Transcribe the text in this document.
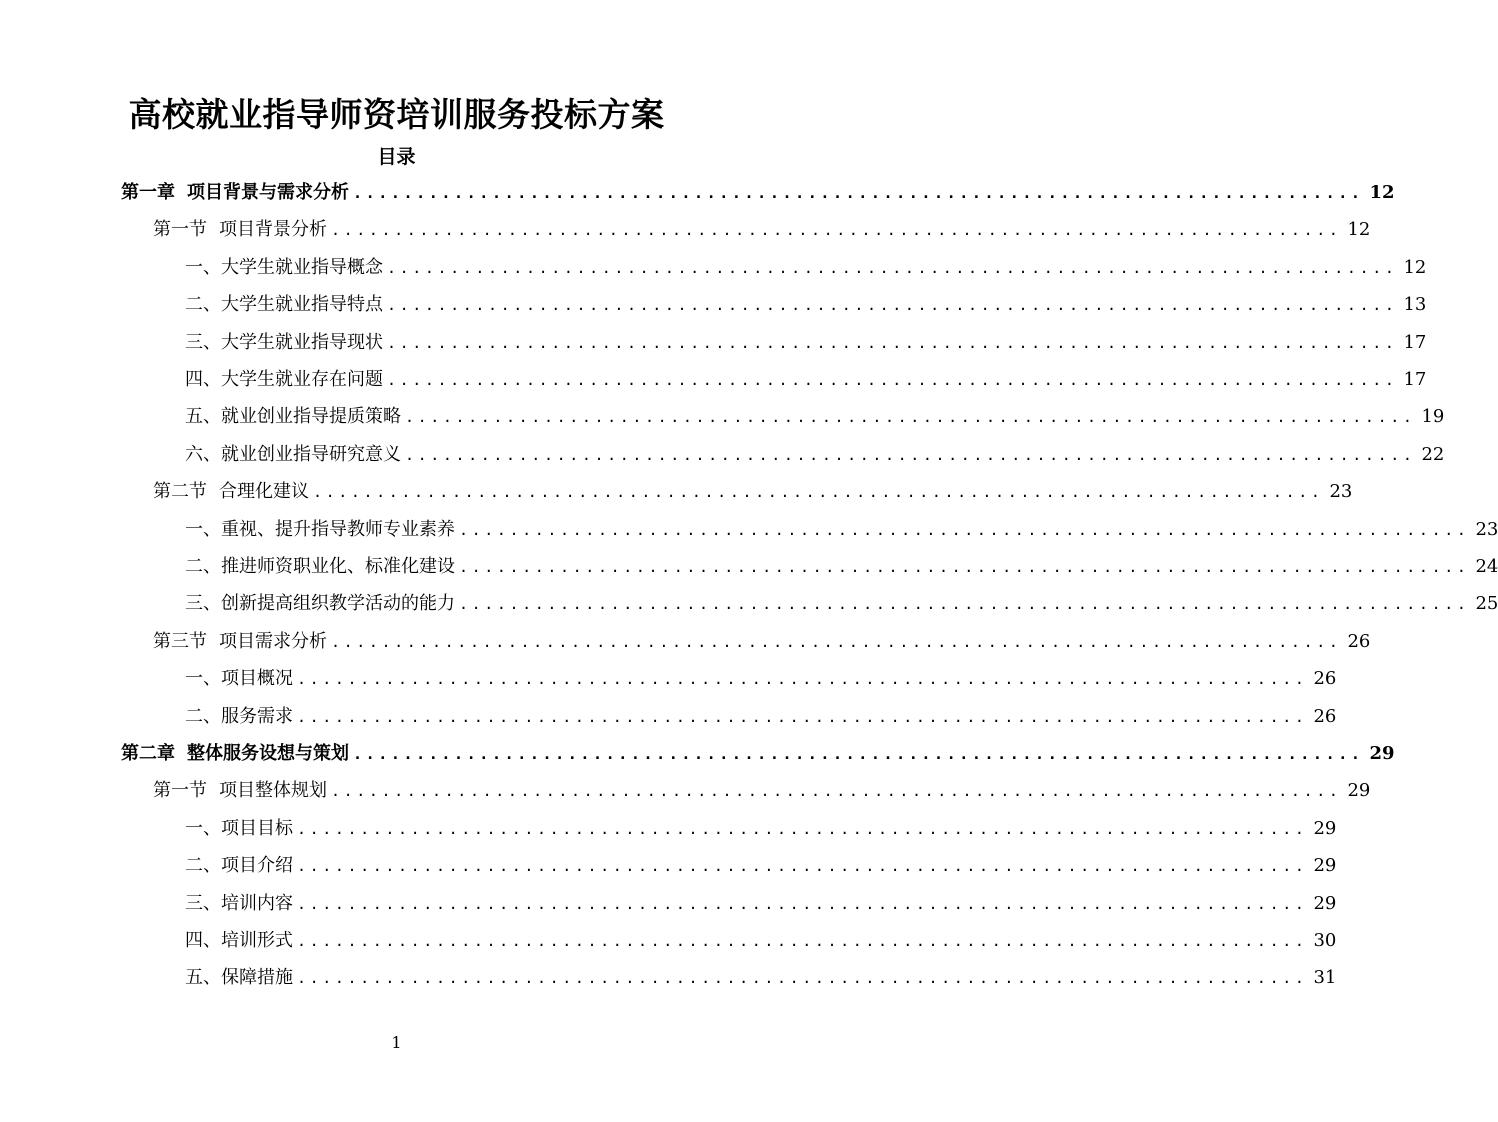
高校就业指导师资培训服务投标方案
目录
第一章 项目背景与需求分析 ................................................................................ 12
第一节 项目背景分析 ................................................................................ 12
一、大学生就业指导概念 ................................................................................ 12
二、大学生就业指导特点 ................................................................................ 13
三、大学生就业指导现状 ................................................................................ 17
四、大学生就业存在问题 ................................................................................ 17
五、就业创业指导提质策略 ................................................................................ 19
六、就业创业指导研究意义 ................................................................................ 22
第二节 合理化建议 ................................................................................ 23
一、重视、提升指导教师专业素养 ................................................................................ 23
二、推进师资职业化、标准化建设 ................................................................................ 24
三、创新提高组织教学活动的能力 ................................................................................ 25
第三节 项目需求分析 ................................................................................ 26
一、项目概况 ................................................................................ 26
二、服务需求 ................................................................................ 26
第二章 整体服务设想与策划 ................................................................................ 29
第一节 项目整体规划 ................................................................................ 29
一、项目目标 ................................................................................ 29
二、项目介绍 ................................................................................ 29
三、培训内容 ................................................................................ 29
四、培训形式 ................................................................................ 30
五、保障措施 ................................................................................ 31
1
